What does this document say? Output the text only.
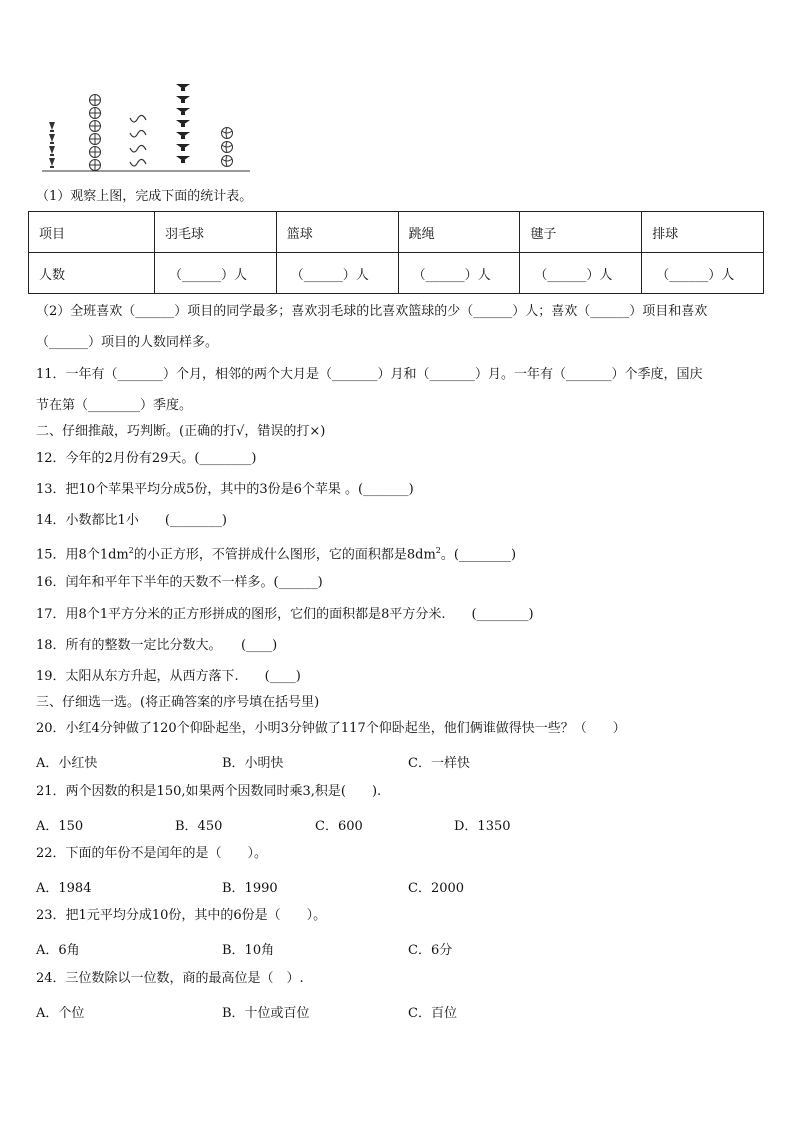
（1）观察上图，完成下面的统计表。
项目	羽毛球	篮球	跳绳	毽子	排球
人数	（______）人	（______）人	（______）人	（______）人	（______）人
（2）全班喜欢（______）项目的同学最多；喜欢羽毛球的比喜欢篮球的少（______）人；喜欢（______）项目和喜欢
（______）项目的人数同样多。
11．一年有（_______）个月，相邻的两个大月是（_______）月和（_______）月。一年有（_______）个季度，国庆
节在第（________）季度。
二、仔细推敲，巧判断。(正确的打√，错误的打×)
12．今年的2月份有29天。(________)
13．把10个苹果平均分成5份，其中的3份是6个苹果 。(_______)
14．小数都比1小　　(________)
15．用8个$1dm^2$的小正方形，不管拼成什么图形，它的面积都是$8dm^2$。(________)
16．闰年和平年下半年的天数不一样多。(______)
17．用8个1平方分米的正方形拼成的图形，它们的面积都是8平方分米.　　(________)
18．所有的整数一定比分数大。　　(____)
19．太阳从东方升起，从西方落下.　　(____)
三、仔细选一选。(将正确答案的序号填在括号里)
20．小红4分钟做了120个仰卧起坐，小明3分钟做了117个仰卧起坐，他们俩谁做得快一些？（　　）
A．小红快	B．小明快	C．一样快
21．两个因数的积是150,如果两个因数同时乘3,积是(　　).
A．150	B．450	C．600	D．1350
22．下面的年份不是闰年的是（　　）。
A．1984	B．1990	C．2000
23．把1元平均分成10份，其中的6份是（　　）。
A．6角	B．10角	C．6分
24．三位数除以一位数，商的最高位是（　）.
A．个位	B．十位或百位	C．百位
